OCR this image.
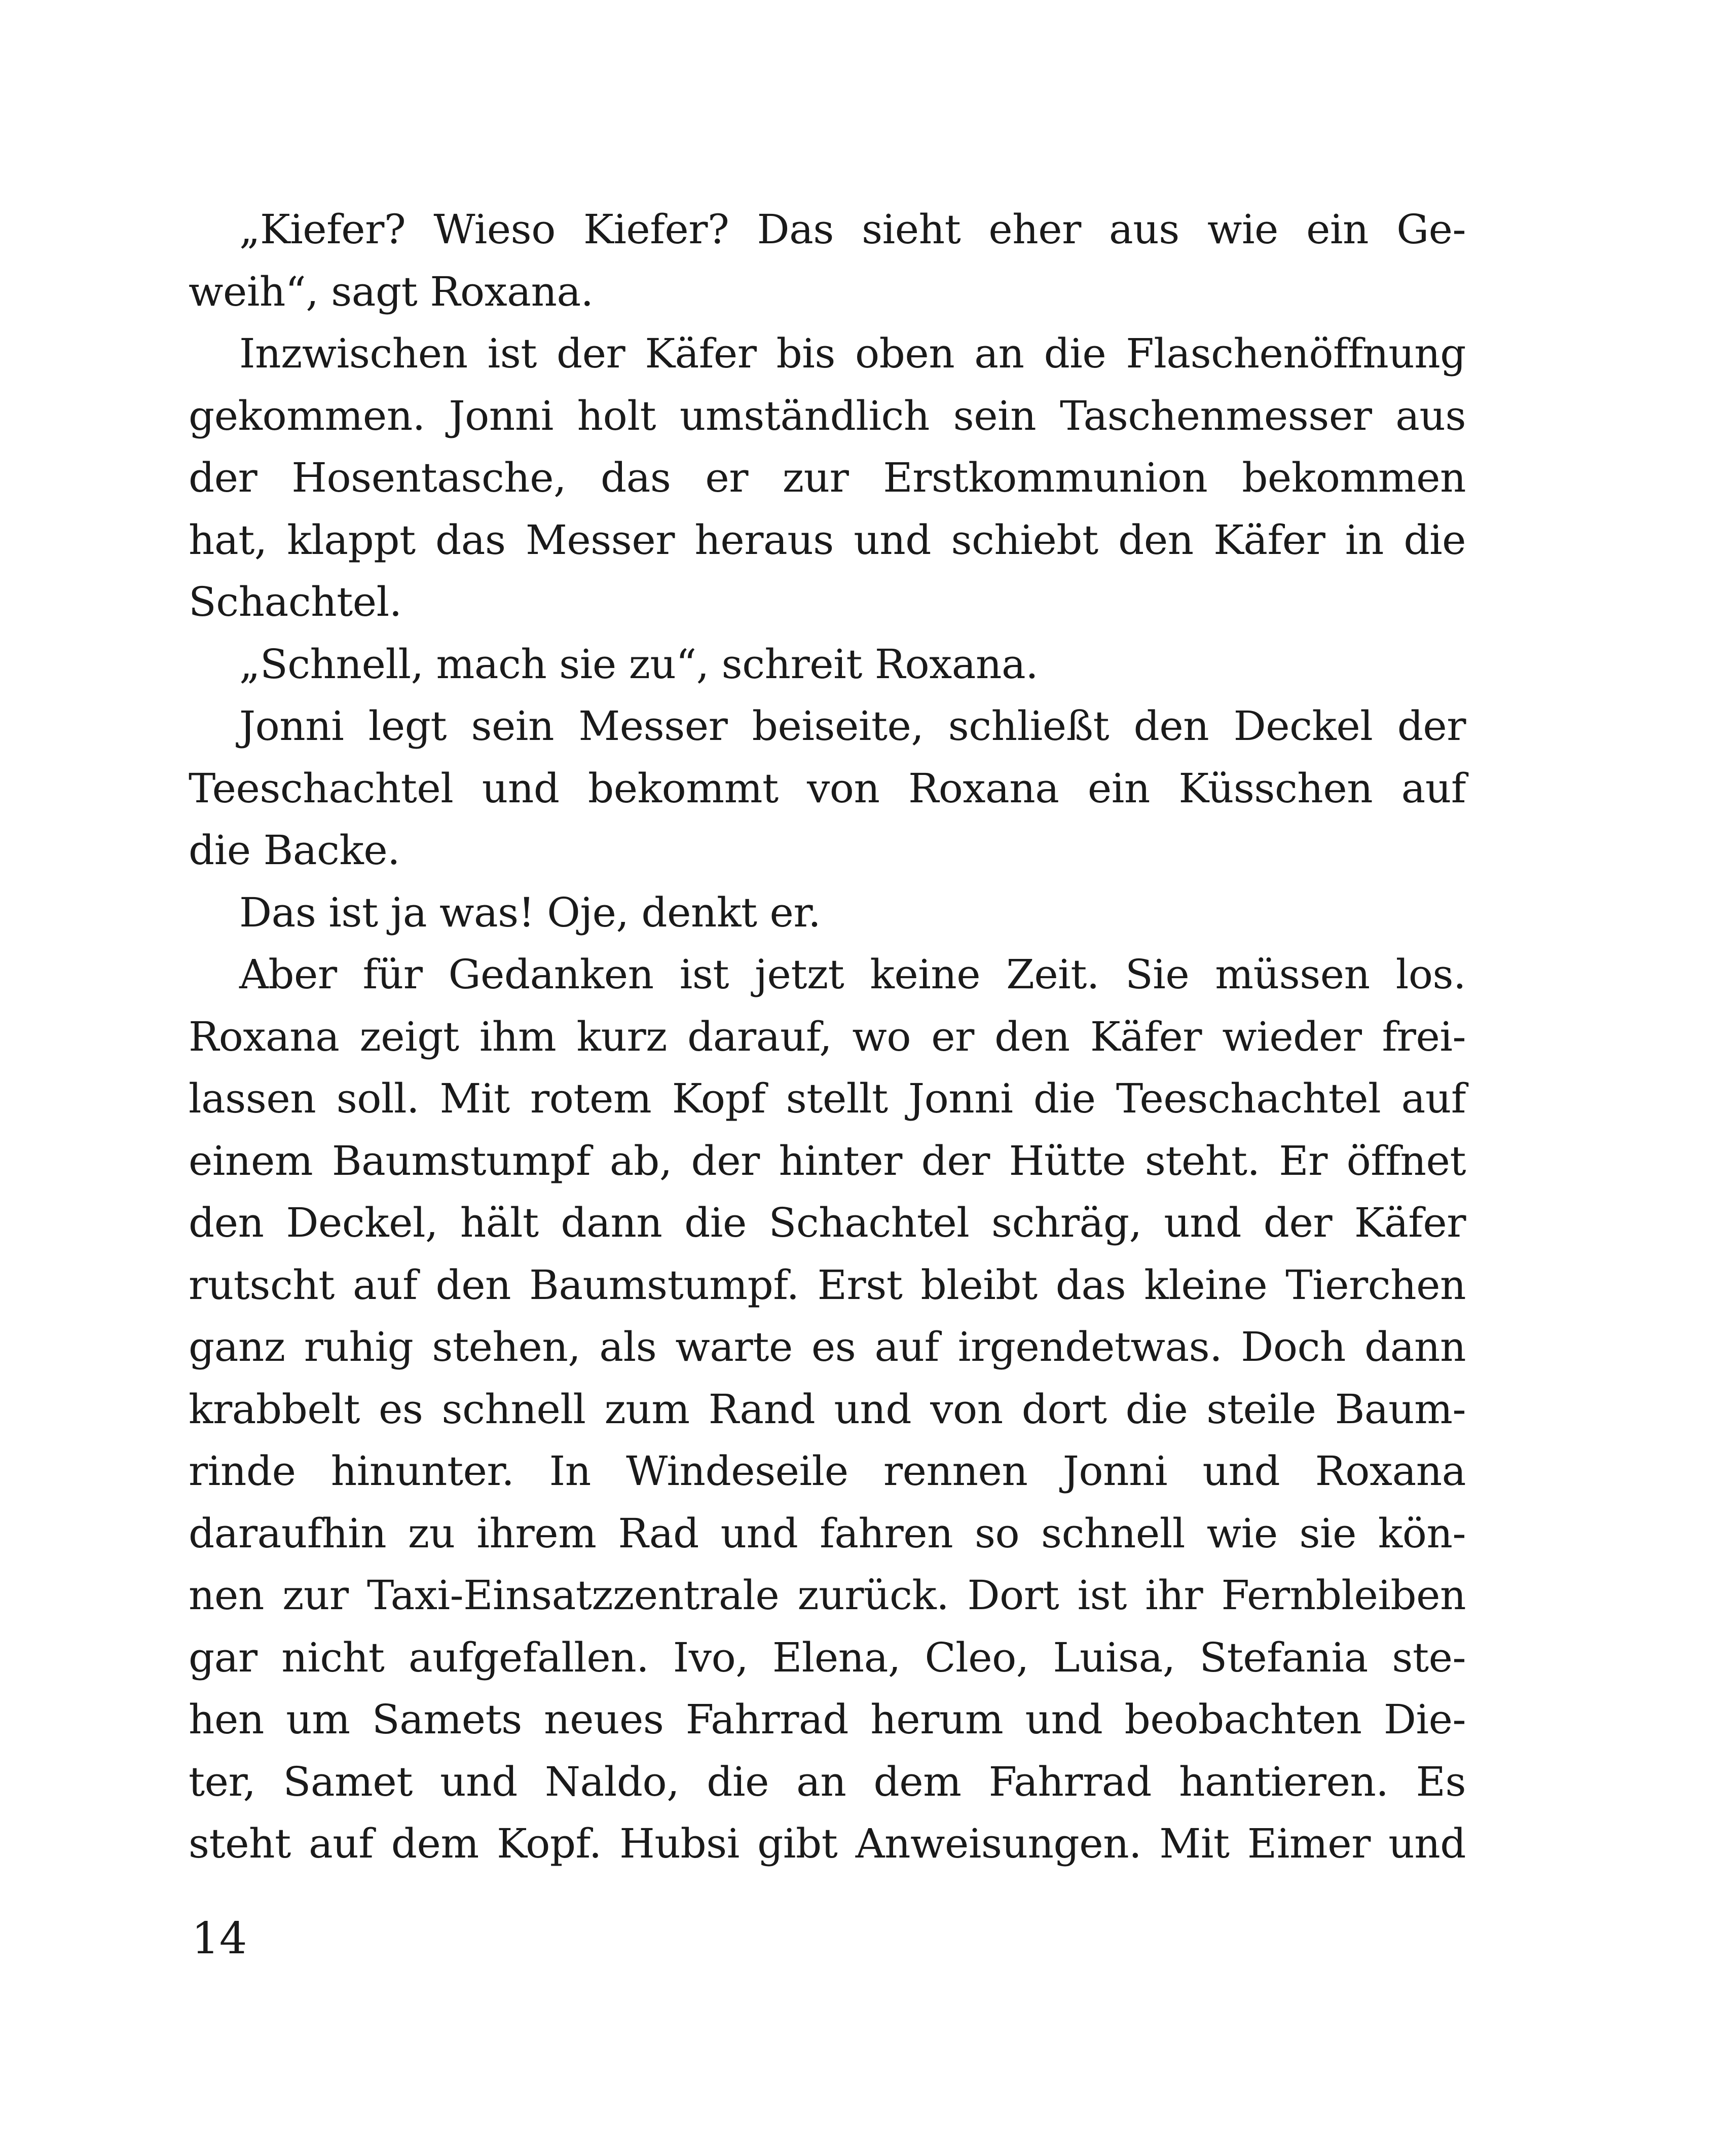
„Kiefer? Wieso Kiefer? Das sieht eher aus wie ein Ge-
weih“, sagt Roxana.
Inzwischen ist der Käfer bis oben an die Flaschenöffnung
gekommen. Jonni holt umständlich sein Taschenmesser aus
der Hosentasche, das er zur Erstkommunion bekommen
hat, klappt das Messer heraus und schiebt den Käfer in die
Schachtel.
„Schnell, mach sie zu“, schreit Roxana.
Jonni legt sein Messer beiseite, schließt den Deckel der
Teeschachtel und bekommt von Roxana ein Küsschen auf
die Backe.
Das ist ja was! Oje, denkt er.
Aber für Gedanken ist jetzt keine Zeit. Sie müssen los.
Roxana zeigt ihm kurz darauf, wo er den Käfer wieder frei-
lassen soll. Mit rotem Kopf stellt Jonni die Teeschachtel auf
einem Baumstumpf ab, der hinter der Hütte steht. Er öffnet
den Deckel, hält dann die Schachtel schräg, und der Käfer
rutscht auf den Baumstumpf. Erst bleibt das kleine Tierchen
ganz ruhig stehen, als warte es auf irgendetwas. Doch dann
krabbelt es schnell zum Rand und von dort die steile Baum-
rinde hinunter. In Windeseile rennen Jonni und Roxana
daraufhin zu ihrem Rad und fahren so schnell wie sie kön-
nen zur Taxi-Einsatzzentrale zurück. Dort ist ihr Fernbleiben
gar nicht aufgefallen. Ivo, Elena, Cleo, Luisa, Stefania ste-
hen um Samets neues Fahrrad herum und beobachten Die-
ter, Samet und Naldo, die an dem Fahrrad hantieren. Es
steht auf dem Kopf. Hubsi gibt Anweisungen. Mit Eimer und
14
